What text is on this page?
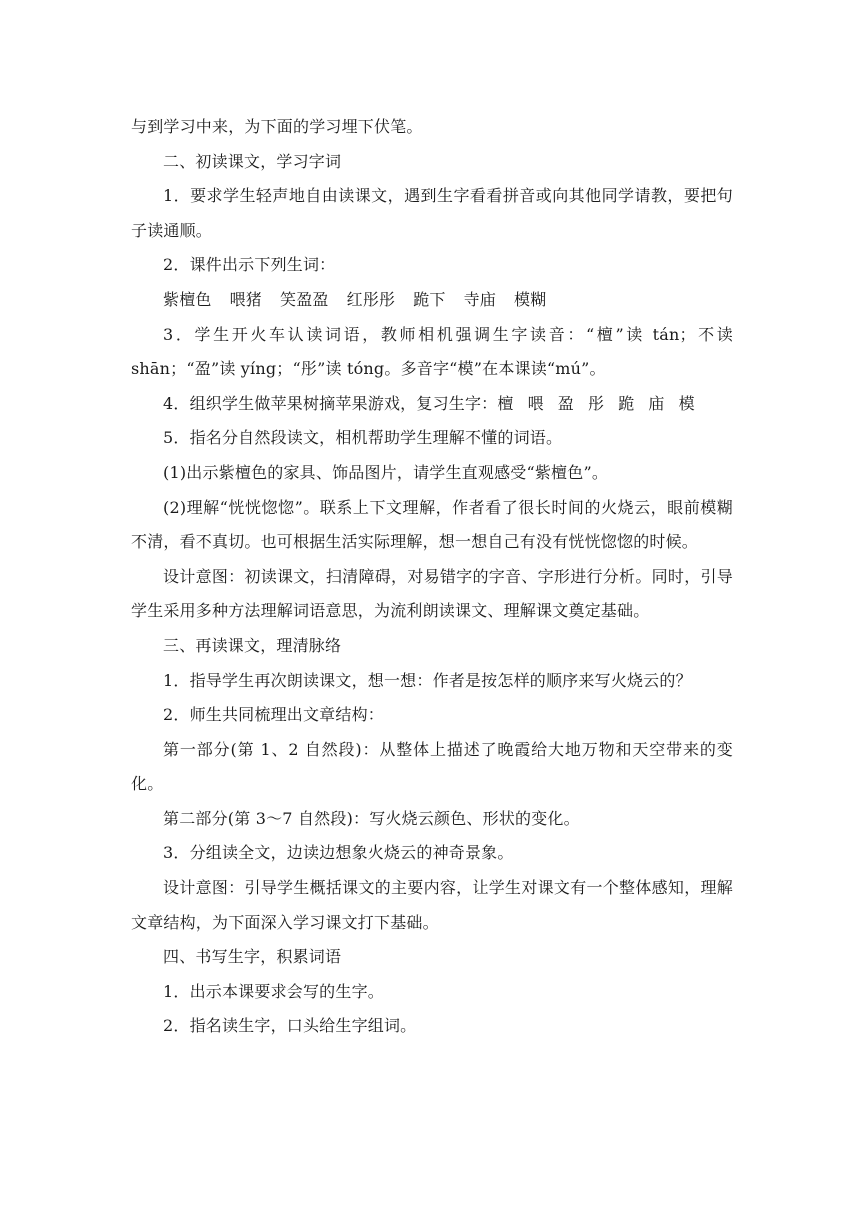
与到学习中来，为下面的学习埋下伏笔。

二、初读课文，学习字词

1．要求学生轻声地自由读课文，遇到生字看看拼音或向其他同学请教，要把句子读通顺。

2．课件出示下列生词：

紫檀色 喂猪 笑盈盈 红彤彤 跪下 寺庙 模糊

3．学生开火车认读词语，教师相机强调生字读音：“檀”读 tán；不读 shān；“盈”读 yíng；“彤”读 tóng。多音字“模”在本课读“mú”。

4．组织学生做苹果树摘苹果游戏，复习生字：檀 喂 盈 彤 跪 庙 模

5．指名分自然段读文，相机帮助学生理解不懂的词语。

(1)出示紫檀色的家具、饰品图片，请学生直观感受“紫檀色”。

(2)理解“恍恍惚惚”。联系上下文理解，作者看了很长时间的火烧云，眼前模糊不清，看不真切。也可根据生活实际理解，想一想自己有没有恍恍惚惚的时候。

设计意图：初读课文，扫清障碍，对易错字的字音、字形进行分析。同时，引导学生采用多种方法理解词语意思，为流利朗读课文、理解课文奠定基础。

三、再读课文，理清脉络

1．指导学生再次朗读课文，想一想：作者是按怎样的顺序来写火烧云的？

2．师生共同梳理出文章结构：

第一部分(第 1、2 自然段)：从整体上描述了晚霞给大地万物和天空带来的变化。

第二部分(第 3～7 自然段)：写火烧云颜色、形状的变化。

3．分组读全文，边读边想象火烧云的神奇景象。

设计意图：引导学生概括课文的主要内容，让学生对课文有一个整体感知，理解文章结构，为下面深入学习课文打下基础。

四、书写生字，积累词语

1．出示本课要求会写的生字。

2．指名读生字，口头给生字组词。
